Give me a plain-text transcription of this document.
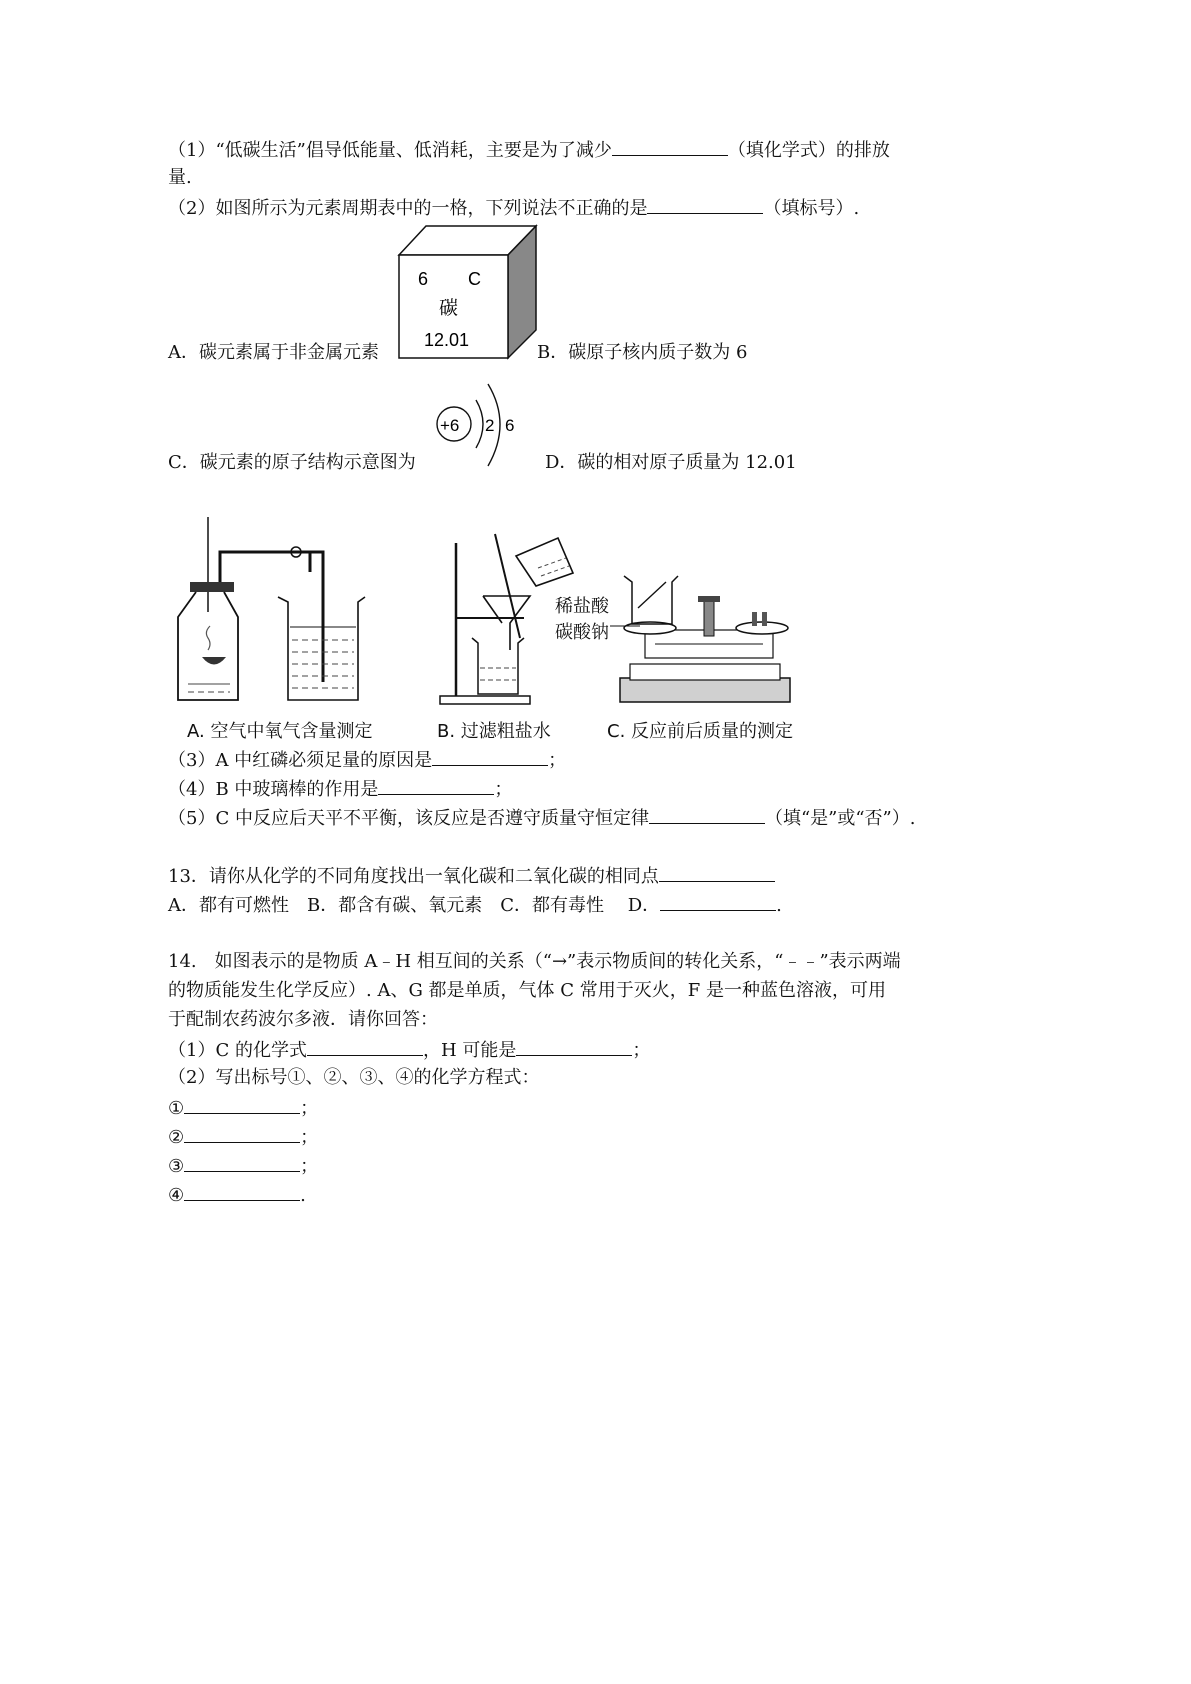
（1）“低碳生活”倡导低能量、低消耗，主要是为了减少	（填化学式）的排放
量.
（2）如图所示为元素周期表中的一格，下列说法不正确的是	（填标号）.
6 C
碳
12.01
A．碳元素属于非金属元素	B．碳原子核内质子数为 6
+6 2 6
C．碳元素的原子结构示意图为	D．碳的相对原子质量为 12.01
稀盐酸
碳酸钠
A. 空气中氧气含量测定	B. 过滤粗盐水	C. 反应前后质量的测定
（3）A 中红磷必须足量的原因是	；
（4）B 中玻璃棒的作用是	；
（5）C 中反应后天平不平衡，该反应是否遵守质量守恒定律	（填“是”或“否”）.
13．请你从化学的不同角度找出一氧化碳和二氧化碳的相同点
A．都有可燃性　B．都含有碳、氧元素　C．都有毒性　 D．	.
14.　如图表示的是物质 A﹣H 相互间的关系（“→”表示物质间的转化关系，“﹣﹣”表示两端
的物质能发生化学反应）. A、G 都是单质，气体 C 常用于灭火，F 是一种蓝色溶液，可用
于配制农药波尔多液．请你回答：
（1）C 的化学式	，H 可能是	；
（2）写出标号①、②、③、④的化学方程式：
①	；
②	；
③	；
④	.
